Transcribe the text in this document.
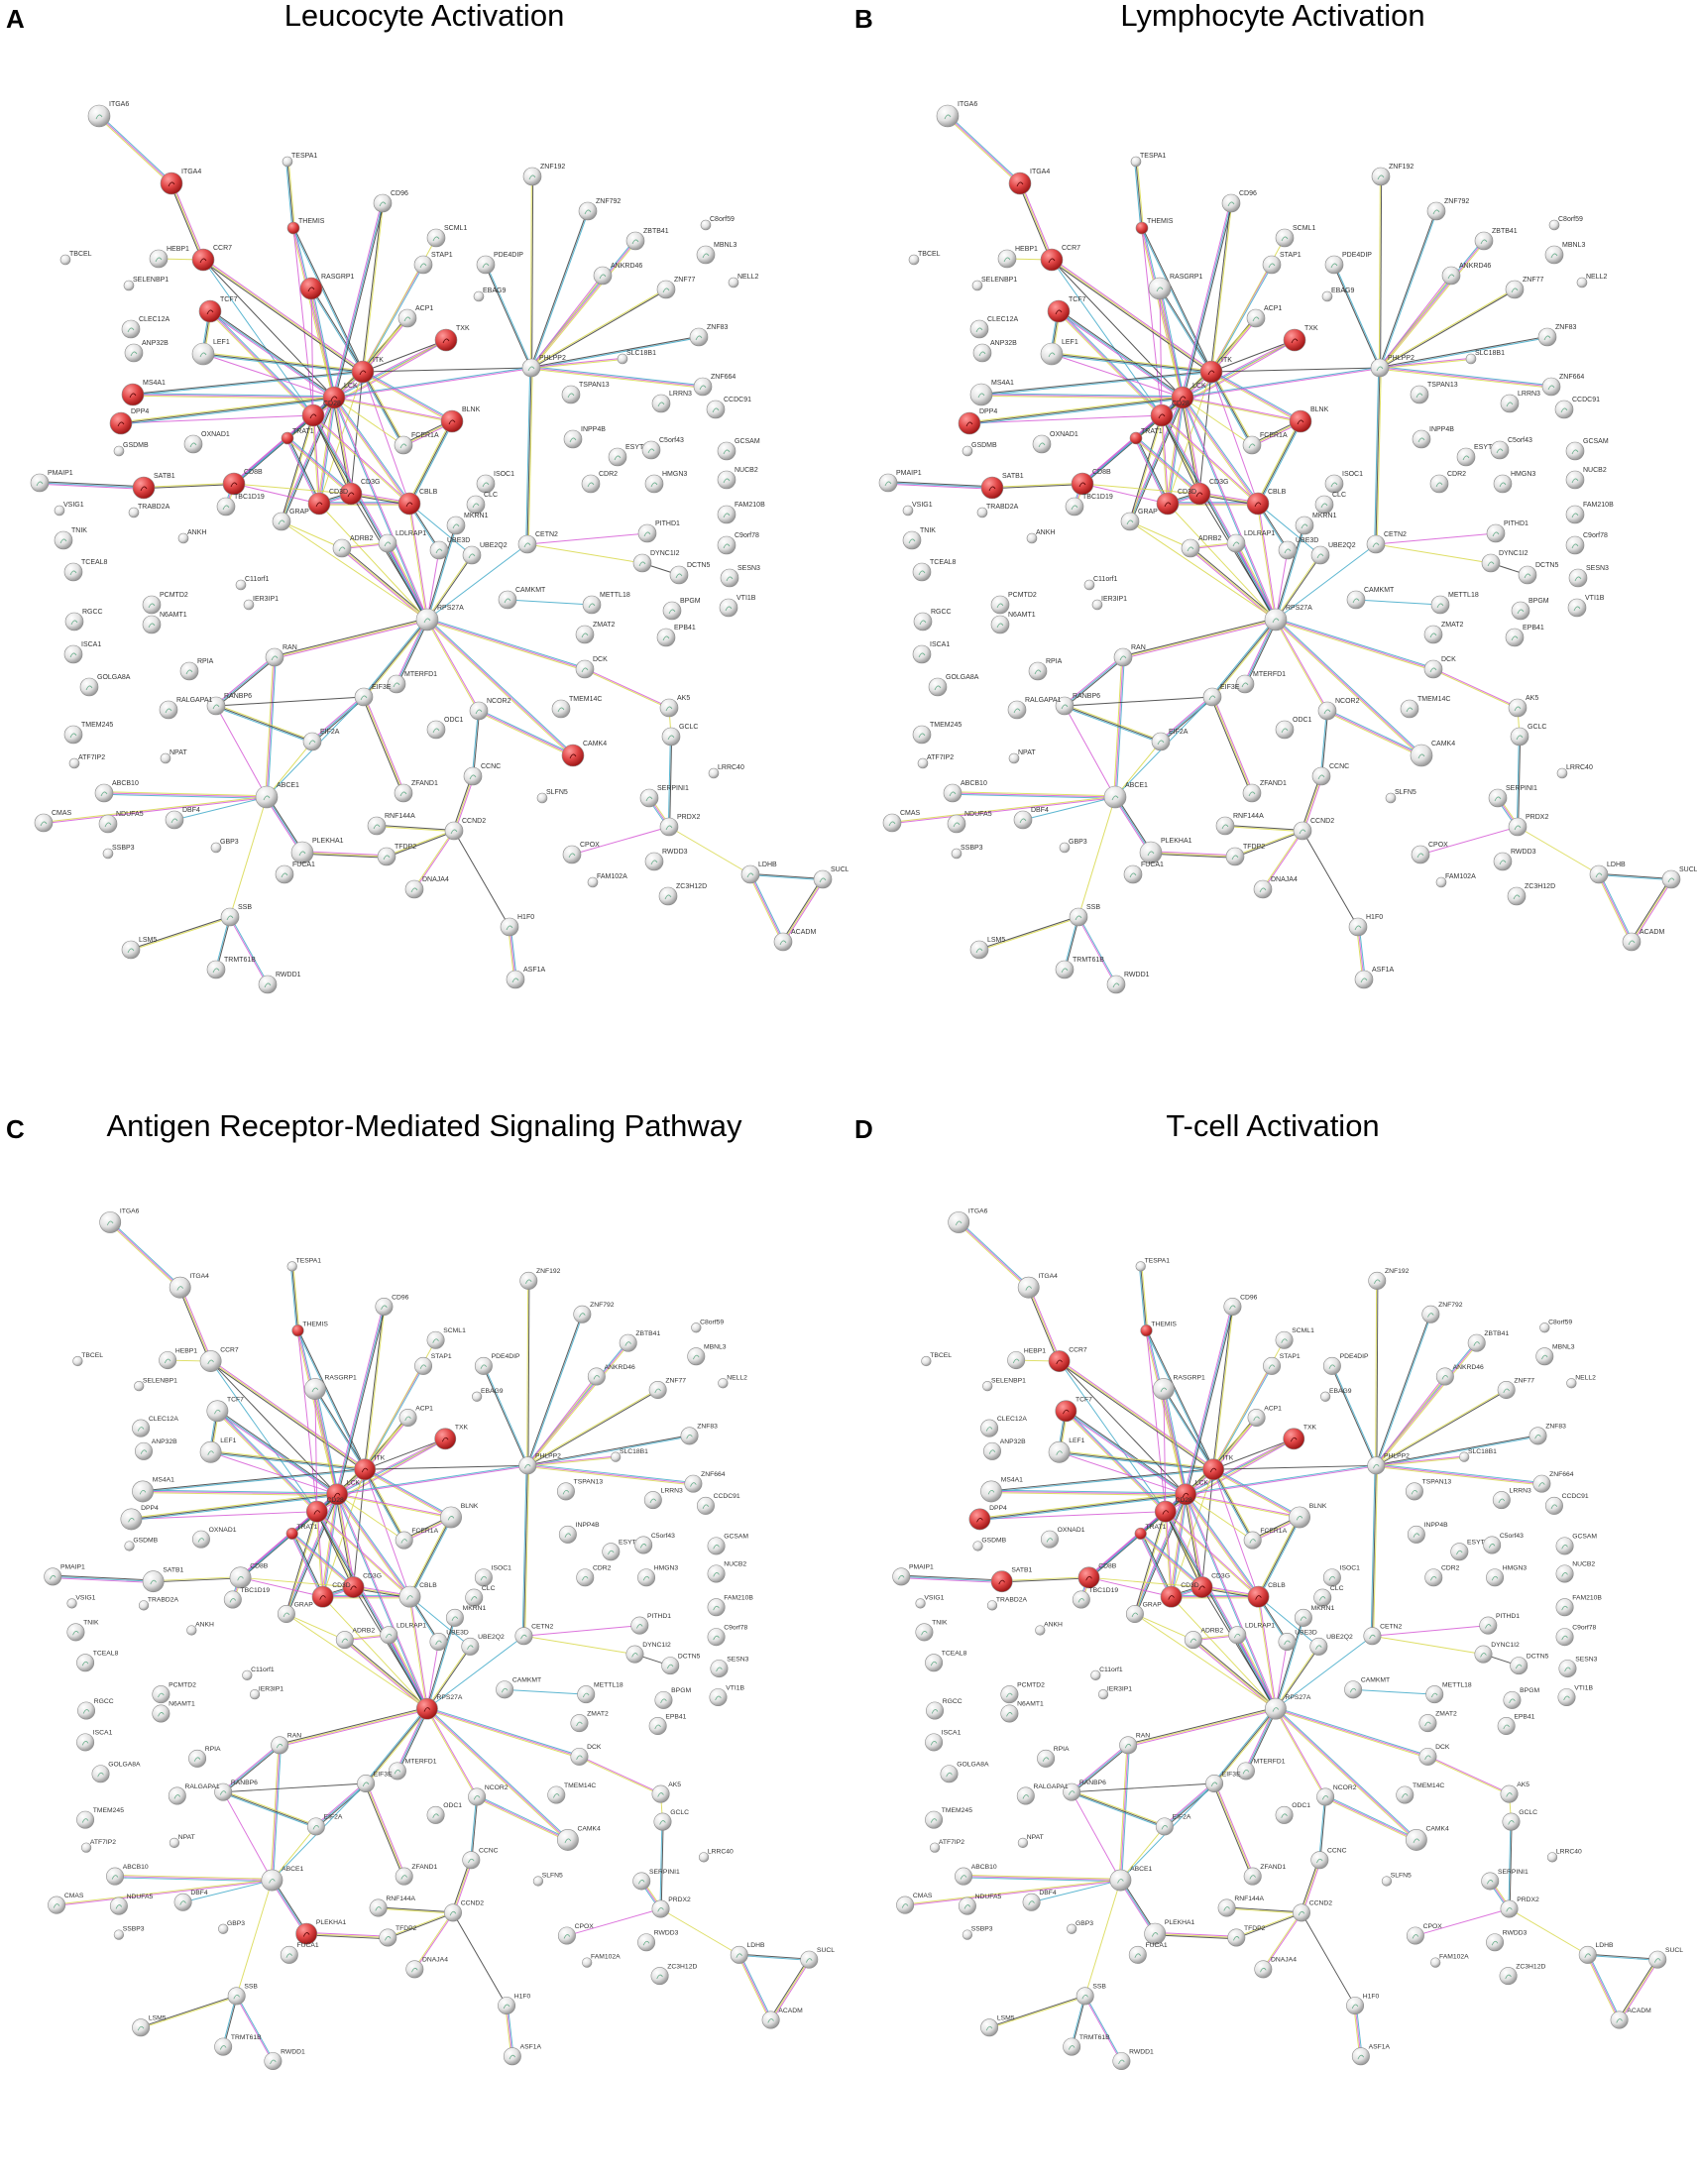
A	Leucocyte Activation
ITGA6
ITGA4
TESPA1
THEMIS
CD96
ZNF192
ZNF792
SCML1
STAP1	PDE4DIP
ZBTB41
C8orf59
MBNL3
EBAG9
ANKRD46
ZNF77	NELL2
TBCEL
HEBP1	CCR7
SELENBP1	RASGRP1
ACP1
TXK
TCF7
CLEC12A
ANP32B	LEF1
ITK	PHLPP2
SLC18B1
ZNF83
ZNF664
MS4A1
DPP4
LCK
CD28
BLNK
TSPAN13
LRRN3
CCDC91
GSDMB
OXNAD1	TRAT1
FCER1A
INPP4B
ESYT1
C5orf43	GCSAM
PMAIP1	SATB1
CD8B
CD3G
CD3D	CBLB
ISOC1	CDR2	HMGN3
NUCB2
VSIG1	TRABD2A
TBC1D19
GRAP
CLC
MKRN1
TNIK	ANKH
ADRB2
LDLRAP1
UBE3D
UBE2Q2
CETN2
PITHD1
FAM210B
C9orf78
TCEAL8
C11orf1
DYNC1I2
DCTN5	SESN3
RPS27A
CAMKMT
METTL18
BPGM	VTI1B
RGCC
PCMTD2
N6AMT1
IER3IP1
ZMAT2	EPB41
ISCA1	RAN
RPIA	DCK
MTERFD1
EIF3E
GOLGA8A
RANBP6
RALGAPA1	NCOR2	TMEM14C	AK5
ODC1
TMEM245
EIF2A
GCLC
CAMK4
ATF7IP2
NPAT
ABCE1
CCNC	LRRC40
ABCB10	ZFAND1
SLFN5
SERPINI1
CMAS	NDUFA5
DBF4
RNF144A
CCND2
PRDX2
GBP3
SSBP3
PLEKHA1
TFDP2	CPOX
RWDD3
FUCA1
FAM102A
LDHB
SUCL
DNAJA4
ZC3H12D
SSB
H1F0
ACADM
LSM5
TRMT61B
ASF1A
RWDD1
B	Lymphocyte Activation
ITGA6
ITGA4
TESPA1
THEMIS
CD96
ZNF192
ZNF792
SCML1
STAP1	PDE4DIP
ZBTB41
C8orf59
MBNL3
EBAG9
ANKRD46
ZNF77	NELL2
TBCEL
HEBP1	CCR7
SELENBP1	RASGRP1
ACP1
TXK
TCF7
CLEC12A
ANP32B	LEF1
ITK	PHLPP2
SLC18B1
ZNF83
ZNF664
MS4A1
DPP4
LCK
CD28
BLNK
TSPAN13
LRRN3
CCDC91
GSDMB
OXNAD1	TRAT1
FCER1A
INPP4B
ESYT1
C5orf43	GCSAM
PMAIP1	SATB1
CD8B
CD3G
CD3D	CBLB
ISOC1	CDR2	HMGN3
NUCB2
VSIG1	TRABD2A
TBC1D19
GRAP
CLC
MKRN1
TNIK	ANKH
ADRB2
LDLRAP1
UBE3D
UBE2Q2
CETN2
PITHD1
FAM210B
C9orf78
TCEAL8
C11orf1
DYNC1I2
DCTN5	SESN3
RPS27A
CAMKMT
METTL18
BPGM	VTI1B
RGCC
PCMTD2
N6AMT1
IER3IP1
ZMAT2	EPB41
ISCA1	RAN
RPIA	DCK
MTERFD1
EIF3E
GOLGA8A
RANBP6
RALGAPA1	NCOR2	TMEM14C	AK5
ODC1
TMEM245
EIF2A
GCLC
CAMK4
ATF7IP2
NPAT
ABCE1
CCNC	LRRC40
ABCB10	ZFAND1
SLFN5
SERPINI1
CMAS	NDUFA5
DBF4
RNF144A
CCND2
PRDX2
GBP3
SSBP3
PLEKHA1
TFDP2	CPOX
RWDD3
FUCA1
FAM102A
LDHB
SUCL
DNAJA4
ZC3H12D
SSB
H1F0
ACADM
LSM5
TRMT61B
ASF1A
RWDD1
C	Antigen Receptor-Mediated Signaling Pathway
ITGA6
ITGA4
TESPA1
THEMIS
CD96
ZNF192
ZNF792
SCML1
STAP1	PDE4DIP
ZBTB41
C8orf59
MBNL3
EBAG9
ANKRD46
ZNF77	NELL2
TBCEL
HEBP1	CCR7
SELENBP1	RASGRP1
ACP1
TXK
TCF7
CLEC12A
ANP32B	LEF1
ITK	PHLPP2
SLC18B1
ZNF83
ZNF664
MS4A1
DPP4
LCK
CD28
BLNK
TSPAN13
LRRN3
CCDC91
GSDMB
OXNAD1	TRAT1
FCER1A
INPP4B
ESYT1
C5orf43	GCSAM
PMAIP1	SATB1
CD8B
CD3G
CD3D	CBLB
ISOC1	CDR2	HMGN3
NUCB2
VSIG1	TRABD2A
TBC1D19
GRAP
CLC
MKRN1
TNIK	ANKH
ADRB2
LDLRAP1
UBE3D
UBE2Q2
CETN2
PITHD1
FAM210B
C9orf78
TCEAL8
C11orf1
DYNC1I2
DCTN5	SESN3
RPS27A
CAMKMT
METTL18
BPGM	VTI1B
RGCC
PCMTD2
N6AMT1
IER3IP1
ZMAT2	EPB41
ISCA1	RAN
RPIA	DCK
MTERFD1
EIF3E
GOLGA8A
RANBP6
RALGAPA1	NCOR2	TMEM14C	AK5
ODC1
TMEM245
EIF2A
GCLC
CAMK4
ATF7IP2
NPAT
ABCE1
CCNC	LRRC40
ABCB10	ZFAND1
SLFN5
SERPINI1
CMAS	NDUFA5
DBF4
RNF144A
CCND2
PRDX2
GBP3
SSBP3
PLEKHA1
TFDP2	CPOX
RWDD3
FUCA1
FAM102A
LDHB
SUCL
DNAJA4
ZC3H12D
SSB
H1F0
ACADM
LSM5
TRMT61B
ASF1A
RWDD1
D	T-cell Activation
ITGA6
ITGA4
TESPA1
THEMIS
CD96
ZNF192
ZNF792
SCML1
STAP1	PDE4DIP
ZBTB41
C8orf59
MBNL3
EBAG9
ANKRD46
ZNF77	NELL2
TBCEL
HEBP1	CCR7
SELENBP1	RASGRP1
ACP1
TXK
TCF7
CLEC12A
ANP32B	LEF1
ITK	PHLPP2
SLC18B1
ZNF83
ZNF664
MS4A1
DPP4
LCK
CD28
BLNK
TSPAN13
LRRN3
CCDC91
GSDMB
OXNAD1	TRAT1
FCER1A
INPP4B
ESYT1
C5orf43	GCSAM
PMAIP1	SATB1
CD8B
CD3G
CD3D	CBLB
ISOC1	CDR2	HMGN3
NUCB2
VSIG1	TRABD2A
TBC1D19
GRAP
CLC
MKRN1
TNIK	ANKH
ADRB2
LDLRAP1
UBE3D
UBE2Q2
CETN2
PITHD1
FAM210B
C9orf78
TCEAL8
C11orf1
DYNC1I2
DCTN5	SESN3
RPS27A
CAMKMT
METTL18
BPGM	VTI1B
RGCC
PCMTD2
N6AMT1
IER3IP1
ZMAT2	EPB41
ISCA1	RAN
RPIA	DCK
MTERFD1
EIF3E
GOLGA8A
RANBP6
RALGAPA1	NCOR2	TMEM14C	AK5
ODC1
TMEM245
EIF2A
GCLC
CAMK4
ATF7IP2
NPAT
ABCE1
CCNC	LRRC40
ABCB10	ZFAND1
SLFN5
SERPINI1
CMAS	NDUFA5
DBF4
RNF144A
CCND2
PRDX2
GBP3
SSBP3
PLEKHA1
TFDP2	CPOX
RWDD3
FUCA1
FAM102A
LDHB
SUCL
DNAJA4
ZC3H12D
SSB
H1F0
ACADM
LSM5
TRMT61B
ASF1A
RWDD1
